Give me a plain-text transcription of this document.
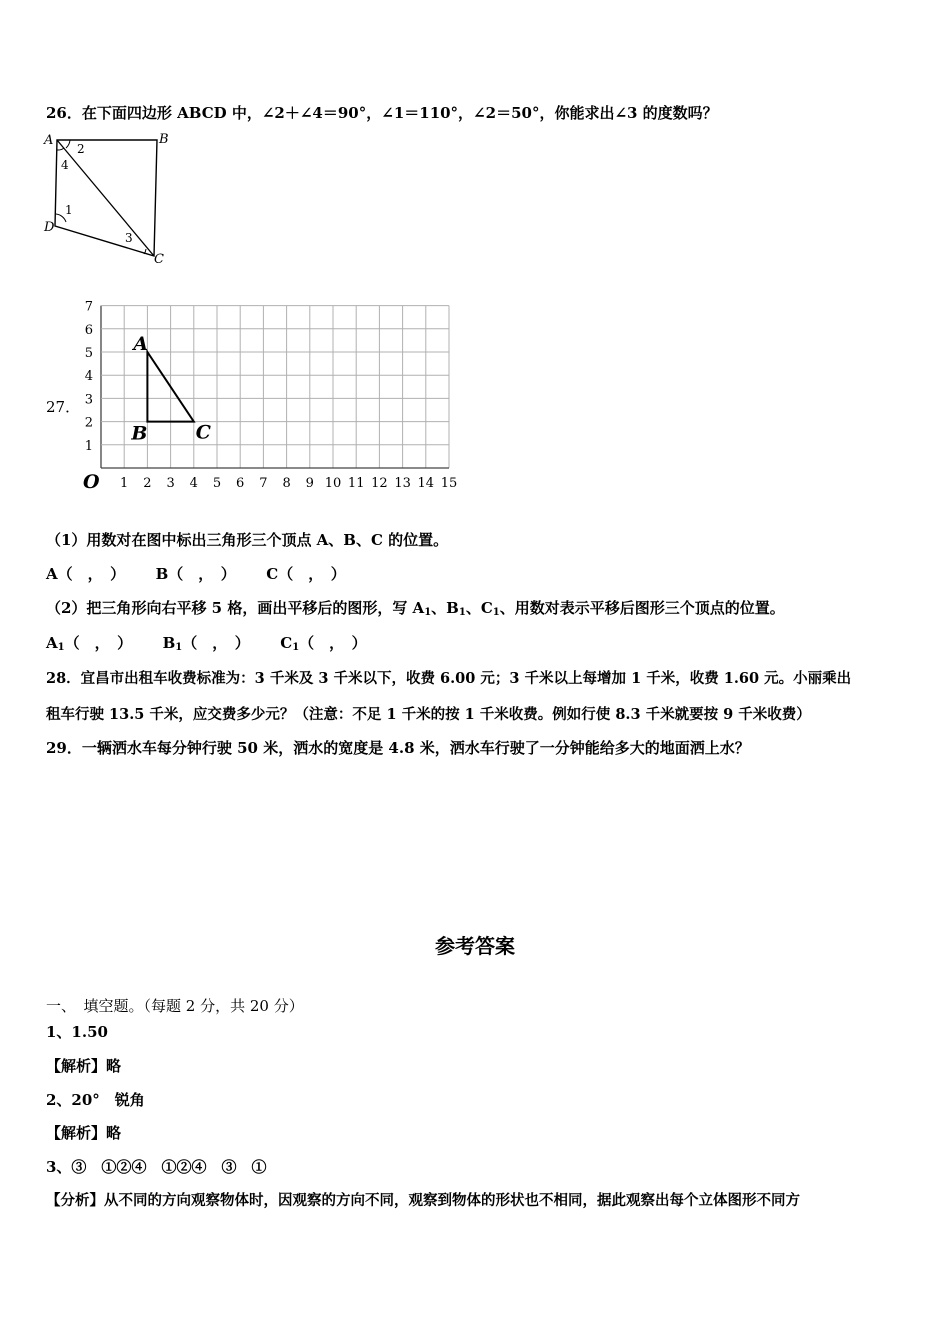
26．在下面四边形 ABCD 中，∠2＋∠4＝90°，∠1＝110°，∠2＝50°，你能求出∠3 的度数吗？
A	B
C
D
2
4
1
3
27．
1 2 3 4 5 6 7 8 9 10 11 12 13 14 15
1
2
3
4
5
6
7
A
B	C
O
（1）用数对在图中标出三角形三个顶点 A、B、C 的位置。
A（　，　） B（　，　） C（　，　）
（2）把三角形向右平移 5 格，画出平移后的图形，写 $A_1$、$B_1$、$C_1$、用数对表示平移后图形三个顶点的位置。
$A_1$（　，　） $B_1$（　，　） $C_1$（　，　）
28．宜昌市出租车收费标准为：3 千米及 3 千米以下，收费 6.00 元；3 千米以上每增加 1 千米，收费 1.60 元。小丽乘出
租车行驶 13.5 千米，应交费多少元？（注意：不足 1 千米的按 1 千米收费。例如行使 8.3 千米就要按 9 千米收费）
29．一辆洒水车每分钟行驶 50 米，洒水的宽度是 4.8 米，洒水车行驶了一分钟能给多大的地面洒上水？
参考答案
一、　填空题。（每题 2 分，共 20 分）
1、1.50
【解析】略
2、20°　锐角
【解析】略
3、③　①②④　①②④　③　①
【分析】从不同的方向观察物体时，因观察的方向不同，观察到物体的形状也不相同，据此观察出每个立体图形不同方
